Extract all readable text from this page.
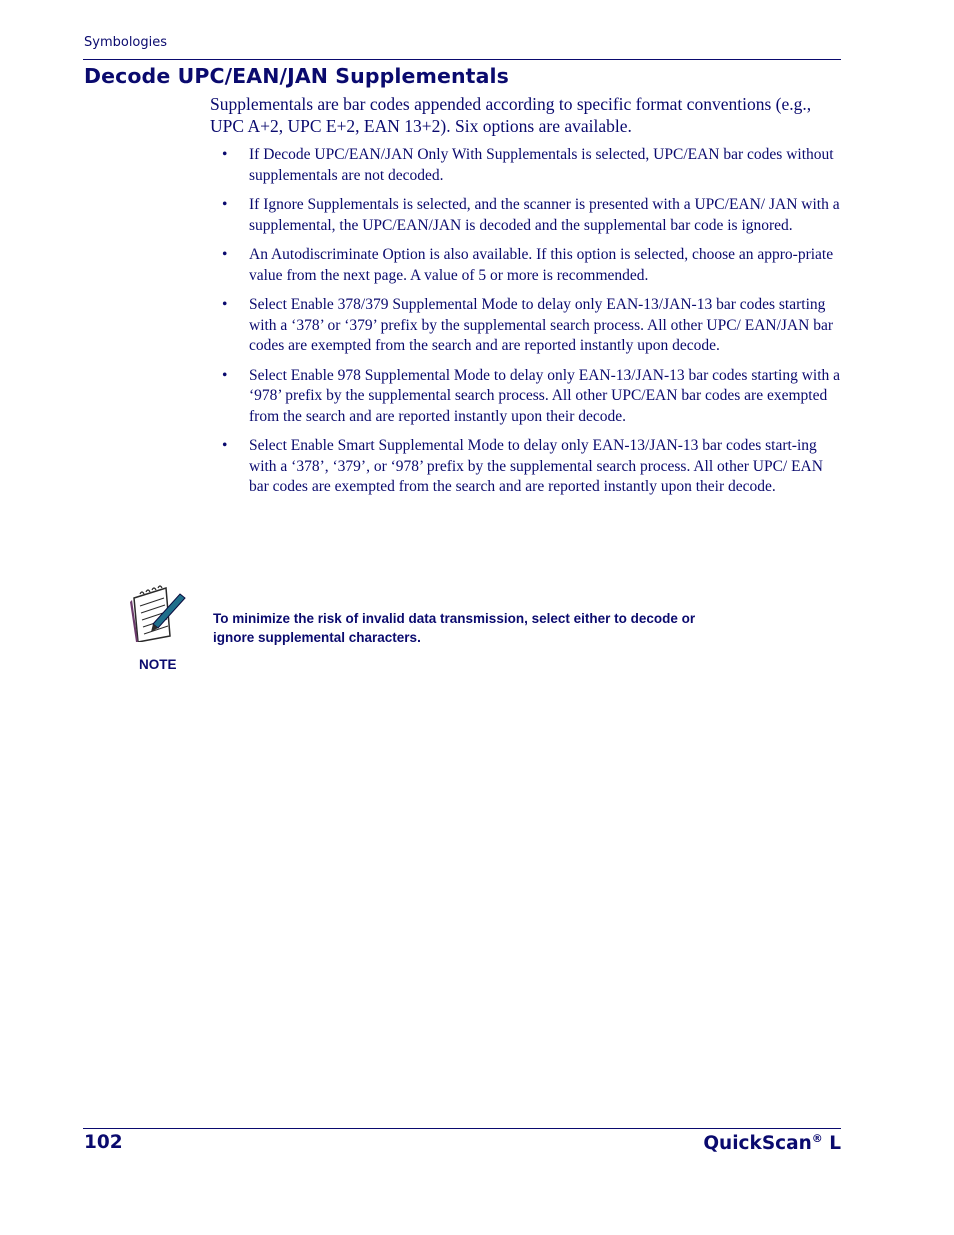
Symbologies
Decode UPC/EAN/JAN Supplementals
Supplementals are bar codes appended according to specific format conventions (e.g., UPC A+2, UPC E+2, EAN 13+2). Six options are available.
• If Decode UPC/EAN/JAN Only With Supplementals is selected, UPC/EAN bar codes without supplementals are not decoded.
• If Ignore Supplementals is selected, and the scanner is presented with a UPC/EAN/ JAN with a supplemental, the UPC/EAN/JAN is decoded and the supplemental bar code is ignored.
• An Autodiscriminate Option is also available. If this option is selected, choose an appro-priate value from the next page. A value of 5 or more is recommended.
• Select Enable 378/379 Supplemental Mode to delay only EAN-13/JAN-13 bar codes starting with a ‘378’ or ‘379’ prefix by the supplemental search process. All other UPC/ EAN/JAN bar codes are exempted from the search and are reported instantly upon decode.
• Select Enable 978 Supplemental Mode to delay only EAN-13/JAN-13 bar codes starting with a ‘978’ prefix by the supplemental search process. All other UPC/EAN bar codes are exempted from the search and are reported instantly upon their decode.
• Select Enable Smart Supplemental Mode to delay only EAN-13/JAN-13 bar codes start-ing with a ‘378’, ‘379’, or ‘978’ prefix by the supplemental search process. All other UPC/ EAN bar codes are exempted from the search and are reported instantly upon their decode.
NOTE
To minimize the risk of invalid data transmission, select either to decode or
ignore supplemental characters.
102	QuickScan® L
